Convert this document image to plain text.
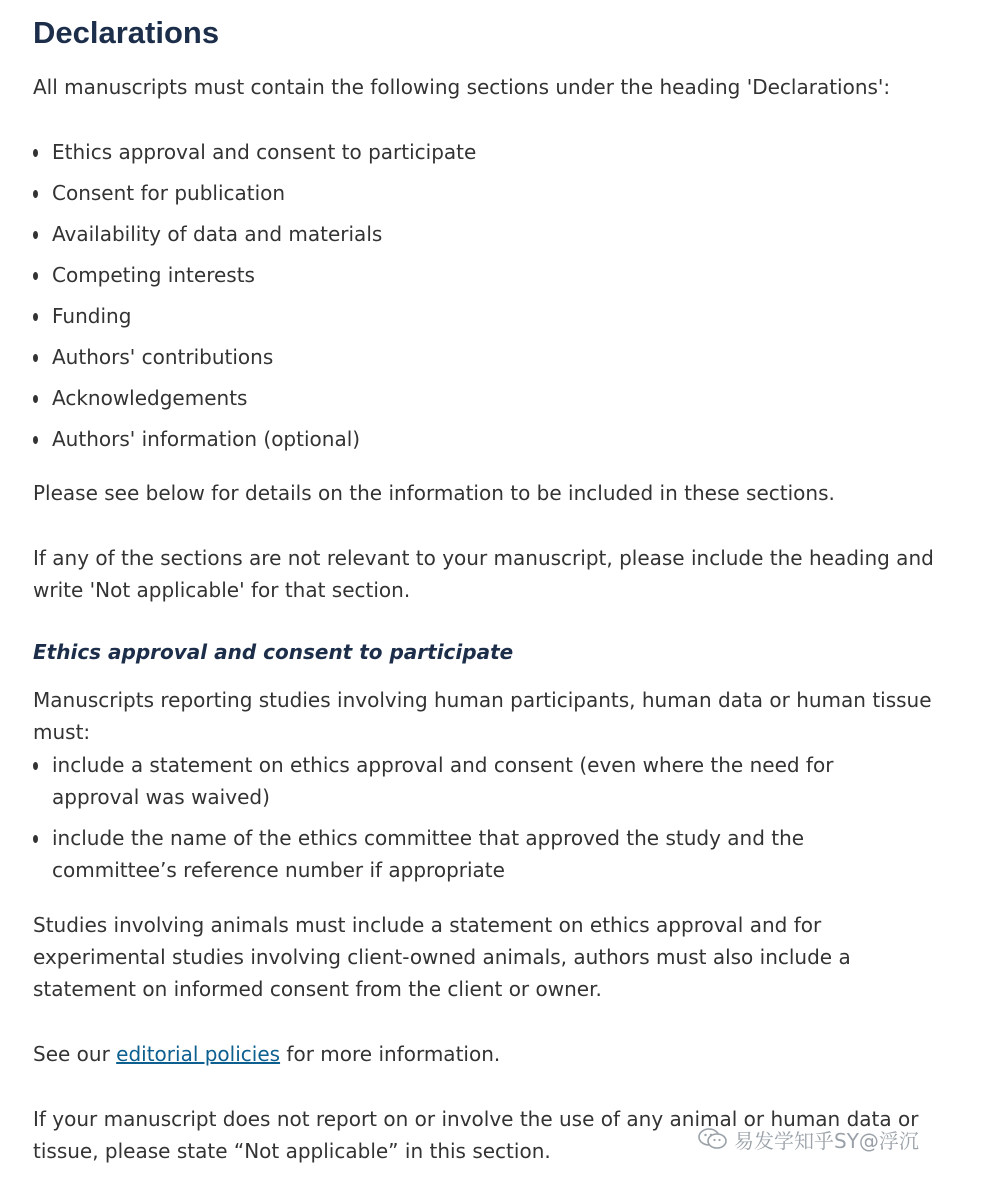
Declarations

All manuscripts must contain the following sections under the heading 'Declarations':

Ethics approval and consent to participate
Consent for publication
Availability of data and materials
Competing interests
Funding
Authors' contributions
Acknowledgements
Authors' information (optional)

Please see below for details on the information to be included in these sections.

If any of the sections are not relevant to your manuscript, please include the heading and write 'Not applicable' for that section.

Ethics approval and consent to participate

Manuscripts reporting studies involving human participants, human data or human tissue must:

include a statement on ethics approval and consent (even where the need for approval was waived)
include the name of the ethics committee that approved the study and the committee’s reference number if appropriate

Studies involving animals must include a statement on ethics approval and for experimental studies involving client-owned animals, authors must also include a statement on informed consent from the client or owner.

See our editorial policies for more information.

If your manuscript does not report on or involve the use of any animal or human data or tissue, please state “Not applicable” in this section.	易发学知乎SY@浮沉
